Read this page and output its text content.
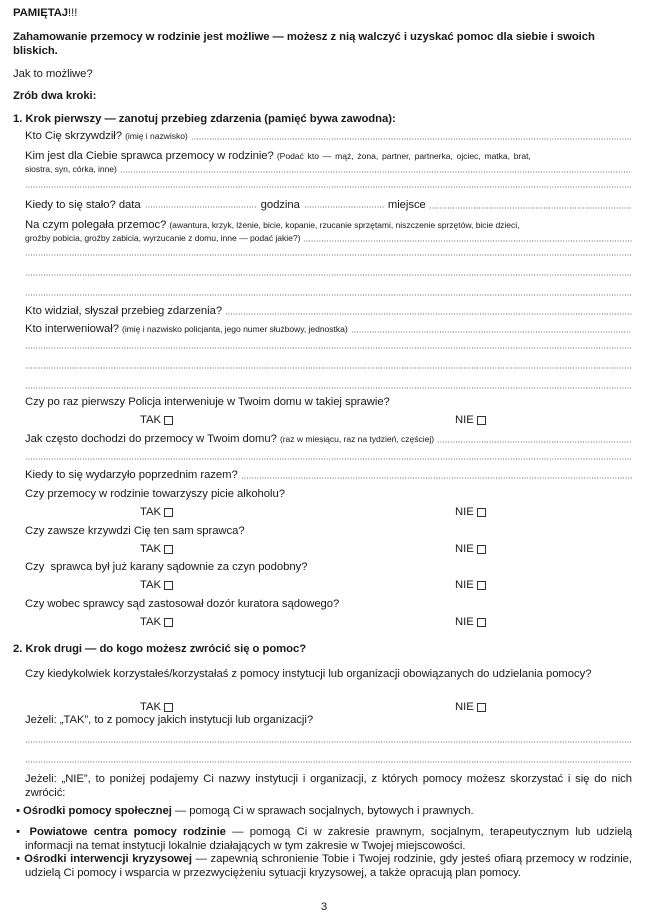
PAMIĘTAJ!!!
Zahamowanie przemocy w rodzinie jest możliwe — możesz z nią walczyć i uzyskać pomoc dla siebie i swoich bliskich.
Jak to możliwe?
Zrób dwa kroki:
1. Krok pierwszy — zanotuj przebieg zdarzenia (pamięć bywa zawodna):
Kto Cię skrzywdził?
(imię i nazwisko)
Kim jest dla Ciebie sprawca przemocy w rodzinie? (Podać kto — mąż, żona, partner, partnerka, ojciec, matka, brat,
siostra, syn, córka, inne)
Kiedy to się stało? data	godzina	miejsce
Na czym polegała przemoc? (awantura, krzyk, lżenie, bicie, kopanie, rzucanie sprzętami, niszczenie sprzętów, bicie dzieci,
groźby pobicia, groźby zabicia, wyrzucanie z domu, inne — podać jakie?)
Kto widział, słyszał przebieg zdarzenia?
Kto interweniował?
(imię i nazwisko policjanta, jego numer służbowy, jednostka)
Czy po raz pierwszy Policja interweniuje w Twoim domu w takiej sprawie?
TAK	NIE
Jak często dochodzi do przemocy w Twoim domu?
(raz w miesiącu, raz na tydzień, częściej)
Kiedy to się wydarzyło poprzednim razem?
Czy przemocy w rodzinie towarzyszy picie alkoholu?
TAK	NIE
Czy zawsze krzywdzi Cię ten sam sprawca?
TAK	NIE
Czy  sprawca był już karany sądownie za czyn podobny?
TAK	NIE
Czy wobec sprawcy sąd zastosował dozór kuratora sądowego?
TAK	NIE
2. Krok drugi — do kogo możesz zwrócić się o pomoc?
Czy kiedykolwiek korzystałeś/korzystałaś z pomocy instytucji lub organizacji obowiązanych do udzielania pomocy?
TAK	NIE
Jeżeli: „TAK”, to z pomocy jakich instytucji lub organizacji?
Jeżeli: „NIE”, to poniżej podajemy Ci nazwy instytucji i organizacji, z których pomocy możesz skorzystać i się do nich zwrócić:
▪ Ośrodki pomocy społecznej — pomogą Ci w sprawach socjalnych, bytowych i prawnych.
▪ Powiatowe centra pomocy rodzinie — pomogą Ci w zakresie prawnym, socjalnym, terapeutycznym lub udzielą informacji na temat instytucji lokalnie działających w tym zakresie w Twojej miejscowości.
▪ Ośrodki interwencji kryzysowej — zapewnią schronienie Tobie i Twojej rodzinie, gdy jesteś ofiarą przemocy w rodzinie, udzielą Ci pomocy i wsparcia w przezwyciężeniu sytuacji kryzysowej, a także opracują plan pomocy.
3
